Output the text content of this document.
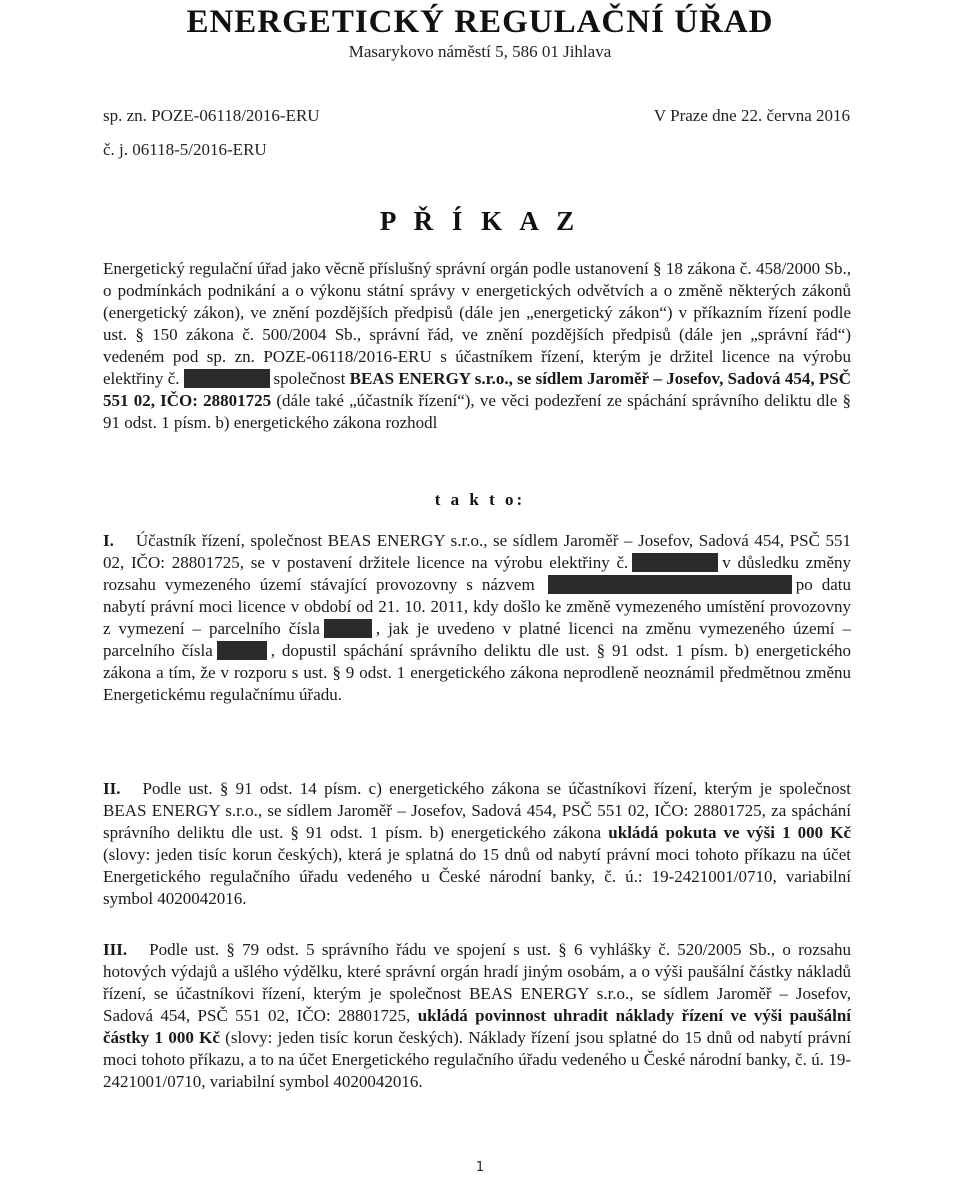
ENERGETICKÝ REGULAČNÍ ÚŘAD

Masarykovo náměstí 5, 586 01 Jihlava

sp. zn. POZE-06118/2016-ERU

č. j. 06118-5/2016-ERU

V Praze dne 22. června 2016

P Ř Í K A Z

Energetický regulační úřad jako věcně příslušný správní orgán podle ustanovení § 18 zákona č. 458/2000 Sb., o podmínkách podnikání a o výkonu státní správy v energetických odvětvích a o změně některých zákonů (energetický zákon), ve znění pozdějších předpisů (dále jen „energetický zákon“) v příkazním řízení podle ust. § 150 zákona č. 500/2004 Sb., správní řád, ve znění pozdějších předpisů (dále jen „správní řád“) vedeném pod sp. zn. POZE-06118/2016-ERU s účastníkem řízení, kterým je držitel licence na výrobu elektřiny č.	společnost BEAS ENERGY s.r.o., se sídlem Jaroměř – Josefov, Sadová 454, PSČ 551 02, IČO: 28801725 (dále také „účastník řízení“), ve věci podezření ze spáchání správního deliktu dle § 91 odst. 1 písm. b) energetického zákona rozhodl

t a k t o:

I. Účastník řízení, společnost BEAS ENERGY s.r.o., se sídlem Jaroměř – Josefov, Sadová 454, PSČ 551 02, IČO: 28801725, se v postavení držitele licence na výrobu elektřiny č.	v důsledku změny rozsahu vymezeného území stávající provozovny s názvem	po datu nabytí právní moci licence v období od 21. 10. 2011, kdy došlo ke změně vymezeného umístění provozovny z vymezení – parcelního čísla	, jak je uvedeno v platné licenci na změnu vymezeného území – parcelního čísla	, dopustil spáchání správního deliktu dle ust. § 91 odst. 1 písm. b) energetického zákona a tím, že v rozporu s ust. § 9 odst. 1 energetického zákona neprodleně neoznámil předmětnou změnu Energetickému regulačnímu úřadu.

II. Podle ust. § 91 odst. 14 písm. c) energetického zákona se účastníkovi řízení, kterým je společnost BEAS ENERGY s.r.o., se sídlem Jaroměř – Josefov, Sadová 454, PSČ 551 02, IČO: 28801725, za spáchání správního deliktu dle ust. § 91 odst. 1 písm. b) energetického zákona ukládá pokuta ve výši 1 000 Kč (slovy: jeden tisíc korun českých), která je splatná do 15 dnů od nabytí právní moci tohoto příkazu na účet Energetického regulačního úřadu vedeného u České národní banky, č. ú.: 19-2421001/0710, variabilní symbol 4020042016.

III. Podle ust. § 79 odst. 5 správního řádu ve spojení s ust. § 6 vyhlášky č. 520/2005 Sb., o rozsahu hotových výdajů a ušlého výdělku, které správní orgán hradí jiným osobám, a o výši paušální částky nákladů řízení, se účastníkovi řízení, kterým je společnost BEAS ENERGY s.r.o., se sídlem Jaroměř – Josefov, Sadová 454, PSČ 551 02, IČO: 28801725, ukládá povinnost uhradit náklady řízení ve výši paušální částky 1 000 Kč (slovy: jeden tisíc korun českých). Náklady řízení jsou splatné do 15 dnů od nabytí právní moci tohoto příkazu, a to na účet Energetického regulačního úřadu vedeného u České národní banky, č. ú. 19-2421001/0710, variabilní symbol 4020042016.

1
